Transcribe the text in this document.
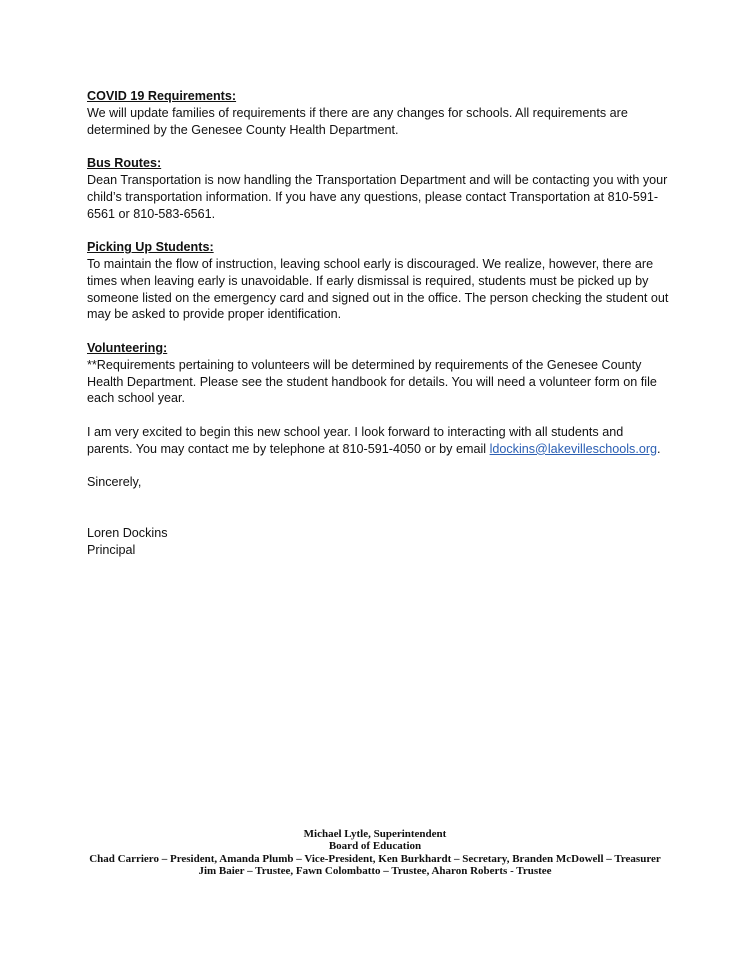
COVID 19 Requirements:

We will update families of requirements if there are any changes for schools. All requirements are determined by the Genesee County Health Department.

Bus Routes:

Dean Transportation is now handling the Transportation Department and will be contacting you with your child’s transportation information. If you have any questions, please contact Transportation at 810-591-6561 or 810-583-6561.

Picking Up Students:

To maintain the flow of instruction, leaving school early is discouraged. We realize, however, there are times when leaving early is unavoidable. If early dismissal is required, students must be picked up by someone listed on the emergency card and signed out in the office. The person checking the student out may be asked to provide proper identification.

Volunteering:

**Requirements pertaining to volunteers will be determined by requirements of the Genesee County Health Department. Please see the student handbook for details. You will need a volunteer form on file each school year.

I am very excited to begin this new school year. I look forward to interacting with all students and parents. You may contact me by telephone at 810-591-4050 or by email ldockins@lakevilleschools.org.

Sincerely,

Loren Dockins

Principal

Michael Lytle, Superintendent
Board of Education
Chad Carriero – President, Amanda Plumb – Vice-President, Ken Burkhardt – Secretary, Branden McDowell – Treasurer
Jim Baier – Trustee, Fawn Colombatto – Trustee, Aharon Roberts - Trustee
